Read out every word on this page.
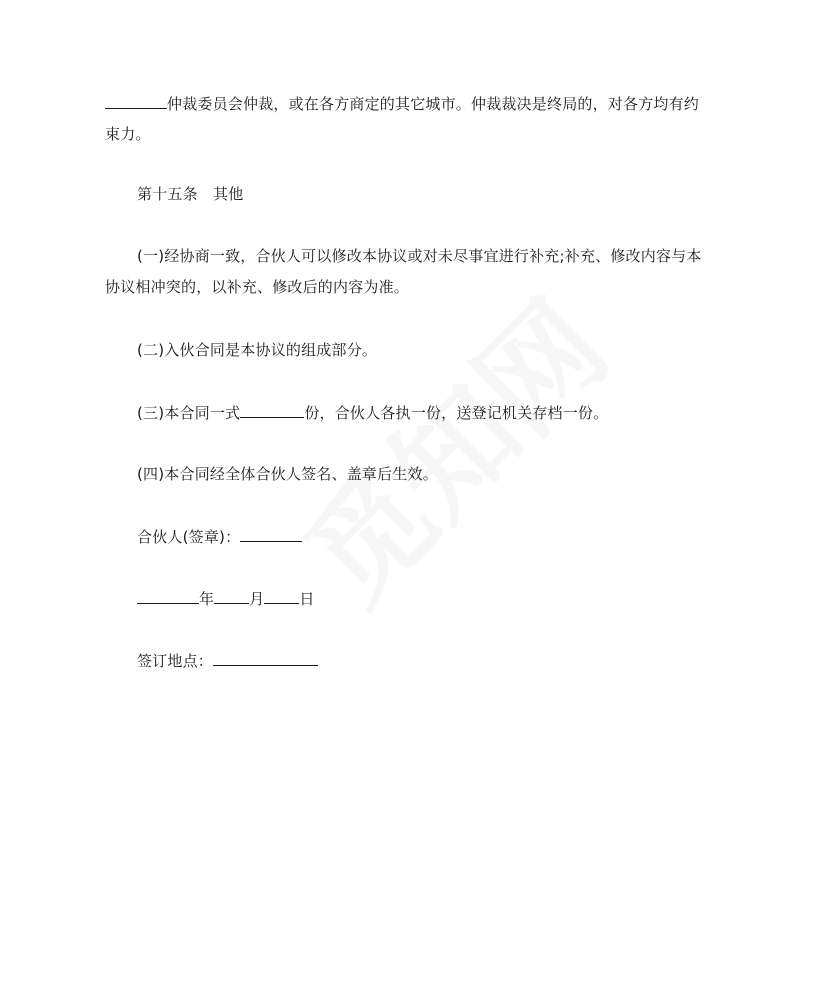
仲裁委员会仲裁，或在各方商定的其它城市。仲裁裁决是终局的，对各方均有约
束力。
第十五条　其他
(一)经协商一致，合伙人可以修改本协议或对未尽事宜进行补充;补充、修改内容与本
协议相冲突的，以补充、修改后的内容为准。
(二)入伙合同是本协议的组成部分。
(三)本合同一式	份，合伙人各执一份，送登记机关存档一份。
(四)本合同经全体合伙人签名、盖章后生效。
合伙人(签章)：
年 月 日
签订地点：
